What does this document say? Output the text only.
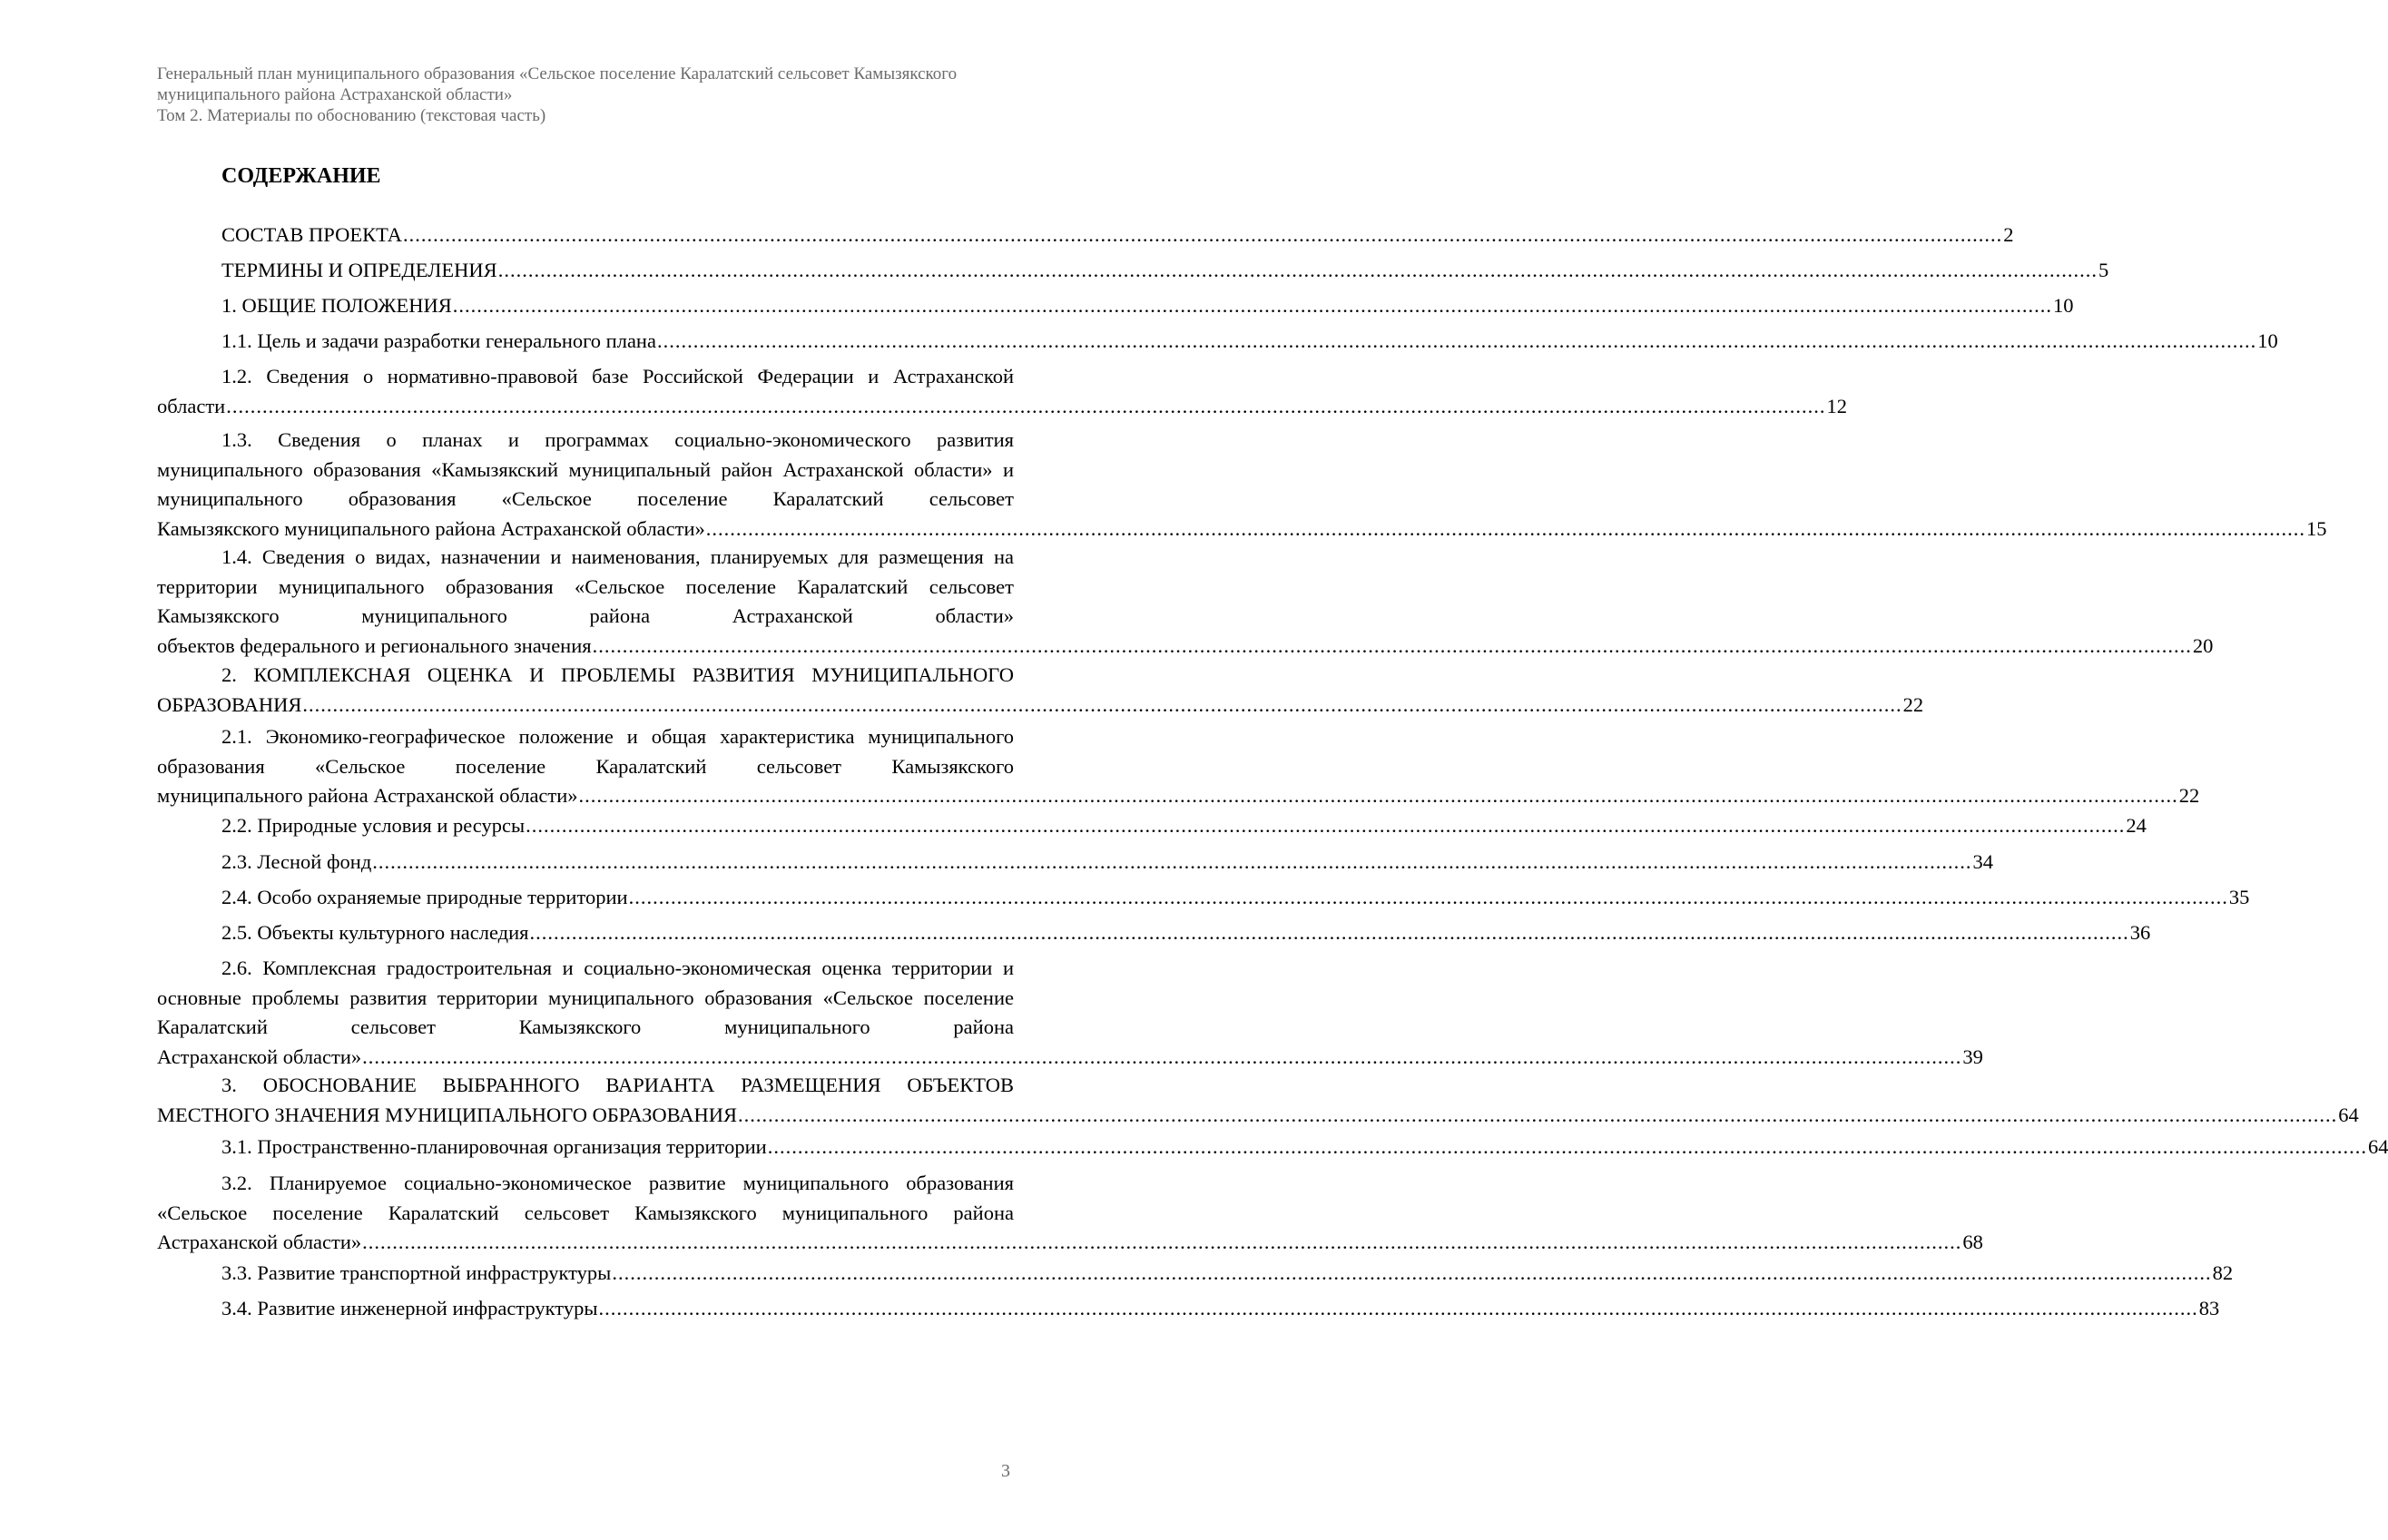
Генеральный план муниципального образования «Сельское поселение Каралатский сельсовет Камызякского
муниципального района Астраханской области»
Том 2. Материалы по обоснованию (текстовая часть)
СОДЕРЖАНИЕ
СОСТАВ ПРОЕКТА .....	2
ТЕРМИНЫ И ОПРЕДЕЛЕНИЯ .....	5
1. ОБЩИЕ ПОЛОЖЕНИЯ .....	10
1.1. Цель и задачи разработки генерального плана .....	10
1.2. Сведения о нормативно-правовой базе Российской Федерации и Астраханской
области .....	12
1.3. Сведения о планах и программах социально-экономического развития муниципального образования «Камызякский муниципальный район Астраханской области» и муниципального образования «Сельское поселение Каралатский сельсовет
Камызякского муниципального района Астраханской области» .....	15
1.4. Сведения о видах, назначении и наименования, планируемых для размещения на территории муниципального образования «Сельское поселение Каралатский сельсовет Камызякского муниципального района Астраханской области»
объектов федерального и регионального значения .....	20
2. КОМПЛЕКСНАЯ ОЦЕНКА И ПРОБЛЕМЫ РАЗВИТИЯ МУНИЦИПАЛЬНОГО
ОБРАЗОВАНИЯ .....	22
2.1. Экономико-географическое положение и общая характеристика муниципального образования «Сельское поселение Каралатский сельсовет Камызякского
муниципального района Астраханской области» .....	22
2.2. Природные условия и ресурсы .....	24
2.3. Лесной фонд .....	34
2.4. Особо охраняемые природные территории .....	35
2.5. Объекты культурного наследия .....	36
2.6. Комплексная градостроительная и социально-экономическая оценка территории и основные проблемы развития территории муниципального образования «Сельское поселение Каралатский сельсовет Камызякского муниципального района
Астраханской области» .....	39
3. ОБОСНОВАНИЕ ВЫБРАННОГО ВАРИАНТА РАЗМЕЩЕНИЯ ОБЪЕКТОВ
МЕСТНОГО ЗНАЧЕНИЯ МУНИЦИПАЛЬНОГО ОБРАЗОВАНИЯ .....	64
3.1. Пространственно-планировочная организация территории .....	64
3.2. Планируемое социально-экономическое развитие муниципального образования «Сельское поселение Каралатский сельсовет Камызякского муниципального района
Астраханской области» .....	68
3.3. Развитие транспортной инфраструктуры .....	82
3.4. Развитие инженерной инфраструктуры .....	83
3
